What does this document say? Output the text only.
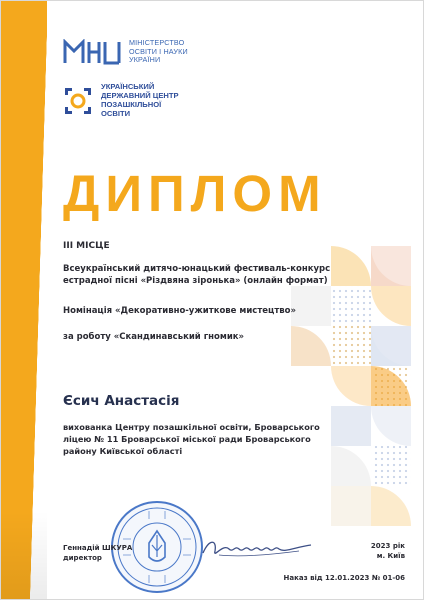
МІНІСТЕРСТВО
ОСВІТИ І НАУКИ
УКРАЇНИ
УКРАЇНСЬКИЙ
ДЕРЖАВНИЙ ЦЕНТР
ПОЗАШКІЛЬНОЇ
ОСВІТИ
ДИПЛОМ
ІІІ МІСЦЕ
Всеукраїнський дитячо-юнацький фестиваль-конкурс
естрадної пісні «Різдвяна зіронька» (онлайн формат)
Номінація «Декоративно-ужиткове мистецтво»
за роботу «Скандинавський гномик»
Єсич Анастасія
вихованка Центру позашкільної освіти, Броварського
ліцею № 11 Броварської міської ради Броварського
району Київської області
Геннадій ШКУРА
директор
2023 рік
м. Київ
Наказ від 12.01.2023 № 01-06
